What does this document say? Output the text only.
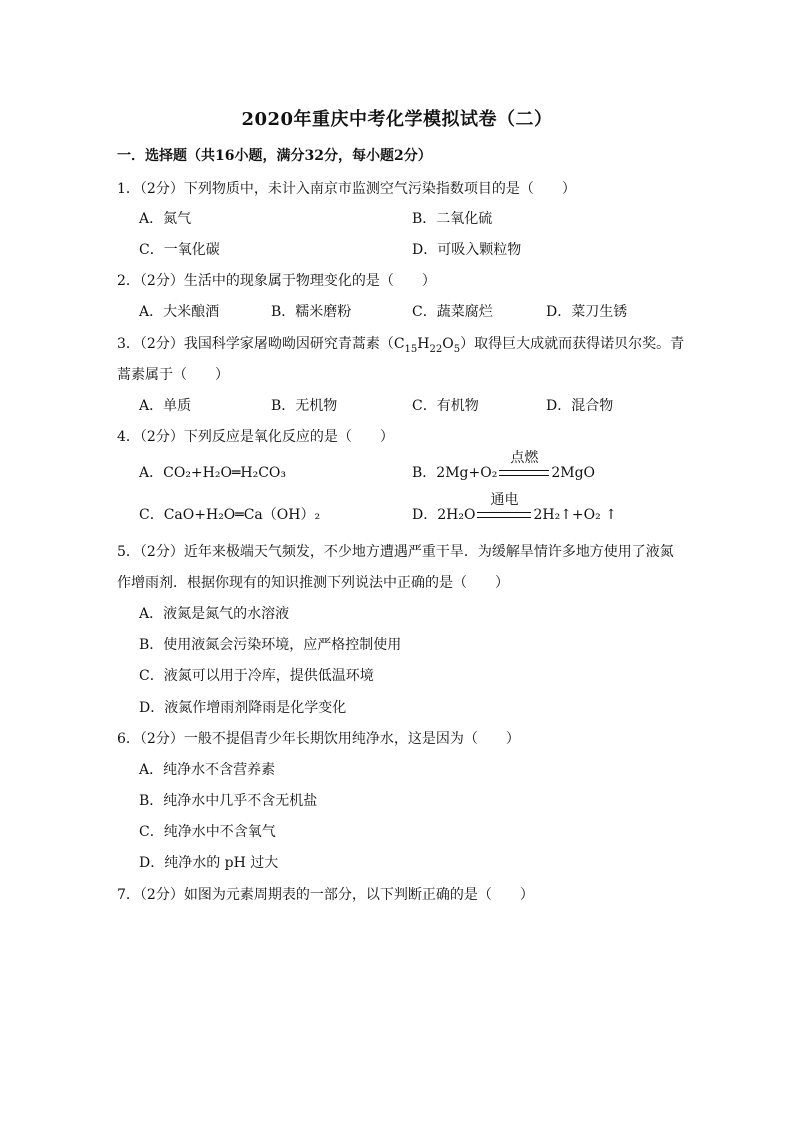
2020年重庆中考化学模拟试卷（二）
一．选择题（共16小题，满分32分，每小题2分）
1．（2分）下列物质中，未计入南京市监测空气污染指数项目的是（　　）
A．氮气	B．二氧化硫
C．一氧化碳	D．可吸入颗粒物
2．（2分）生活中的现象属于物理变化的是（　　）
A．大米酿酒	B．糯米磨粉	C．蔬菜腐烂	D．菜刀生锈
3．（2分）我国科学家屠呦呦因研究青蒿素$(C_{15}H_{22}O_5)$取得巨大成就而获得诺贝尔奖。青
蒿素属于（　　）
A．单质	B．无机物	C．有机物	D．混合物
4．（2分）下列反应是氧化反应的是（　　）
A．CO₂+H₂O═H₂CO₃	B．2Mg+O₂
点燃
2MgO
C．CaO+H₂O═Ca（OH）₂	D．2H₂O
通电
2H₂↑+O₂ ↑
5．（2分）近年来极端天气频发，不少地方遭遇严重干旱．为缓解旱情许多地方使用了液氮
作增雨剂．根据你现有的知识推测下列说法中正确的是（　　）
A．液氮是氮气的水溶液
B．使用液氮会污染环境，应严格控制使用
C．液氮可以用于冷库，提供低温环境
D．液氮作增雨剂降雨是化学变化
6．（2分）一般不提倡青少年长期饮用纯净水，这是因为（　　）
A．纯净水不含营养素
B．纯净水中几乎不含无机盐
C．纯净水中不含氧气
D．纯净水的 pH 过大
7．（2分）如图为元素周期表的一部分，以下判断正确的是（　　）
